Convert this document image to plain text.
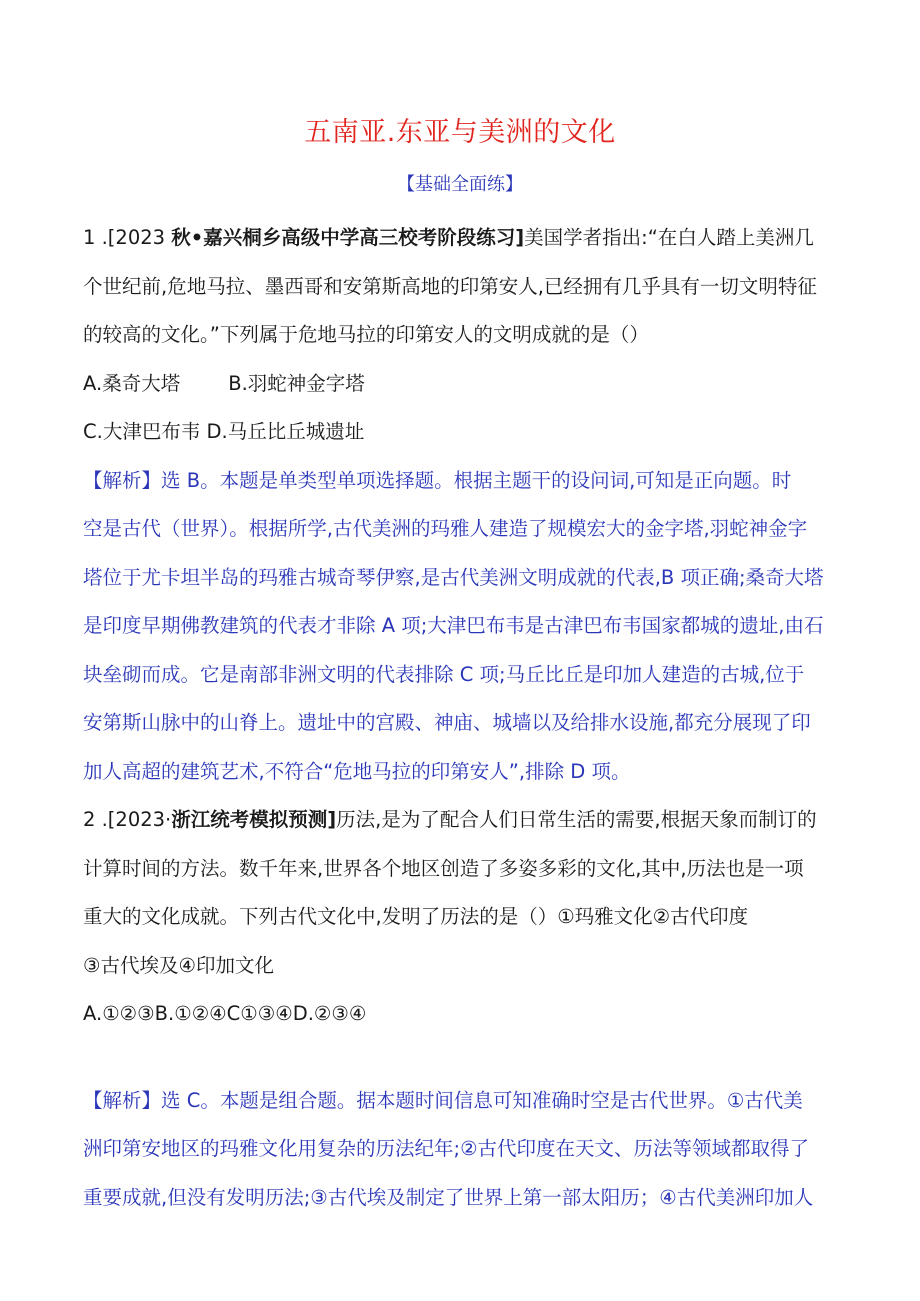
五南亚.东亚与美洲的文化
【基础全面练】
1 .[2023 秋•嘉兴桐乡高级中学高三校考阶段练习]美国学者指出:“在白人踏上美洲几
个世纪前,危地马拉、墨西哥和安第斯高地的印第安人,已经拥有几乎具有一切文明特征
的较高的文化。”下列属于危地马拉的印第安人的文明成就的是（）
A.桑奇大塔 B.羽蛇神金字塔
C.大津巴布韦 D.马丘比丘城遗址
【解析】选 B。本题是单类型单项选择题。根据主题干的设问词,可知是正向题。时
空是古代（世界）。根据所学,古代美洲的玛雅人建造了规模宏大的金字塔,羽蛇神金字
塔位于尤卡坦半岛的玛雅古城奇琴伊察,是古代美洲文明成就的代表,B 项正确;桑奇大塔
是印度早期佛教建筑的代表才非除 A 项;大津巴布韦是古津巴布韦国家都城的遗址,由石
块垒砌而成。它是南部非洲文明的代表排除 C 项;马丘比丘是印加人建造的古城,位于
安第斯山脉中的山脊上。遗址中的宫殿、神庙、城墙以及给排水设施,都充分展现了印
加人高超的建筑艺术,不符合“危地马拉的印第安人”,排除 D 项。
2 .[2023·浙江统考模拟预测]历法,是为了配合人们日常生活的需要,根据天象而制订的
计算时间的方法。数千年来,世界各个地区创造了多姿多彩的文化,其中,历法也是一项
重大的文化成就。下列古代文化中,发明了历法的是（）①玛雅文化②古代印度
③古代埃及④印加文化
A.①②③B.①②④C①③④D.②③④
【解析】选 C。本题是组合题。据本题时间信息可知准确时空是古代世界。①古代美
洲印第安地区的玛雅文化用复杂的历法纪年;②古代印度在天文、历法等领域都取得了
重要成就,但没有发明历法;③古代埃及制定了世界上第一部太阳历；④古代美洲印加人
